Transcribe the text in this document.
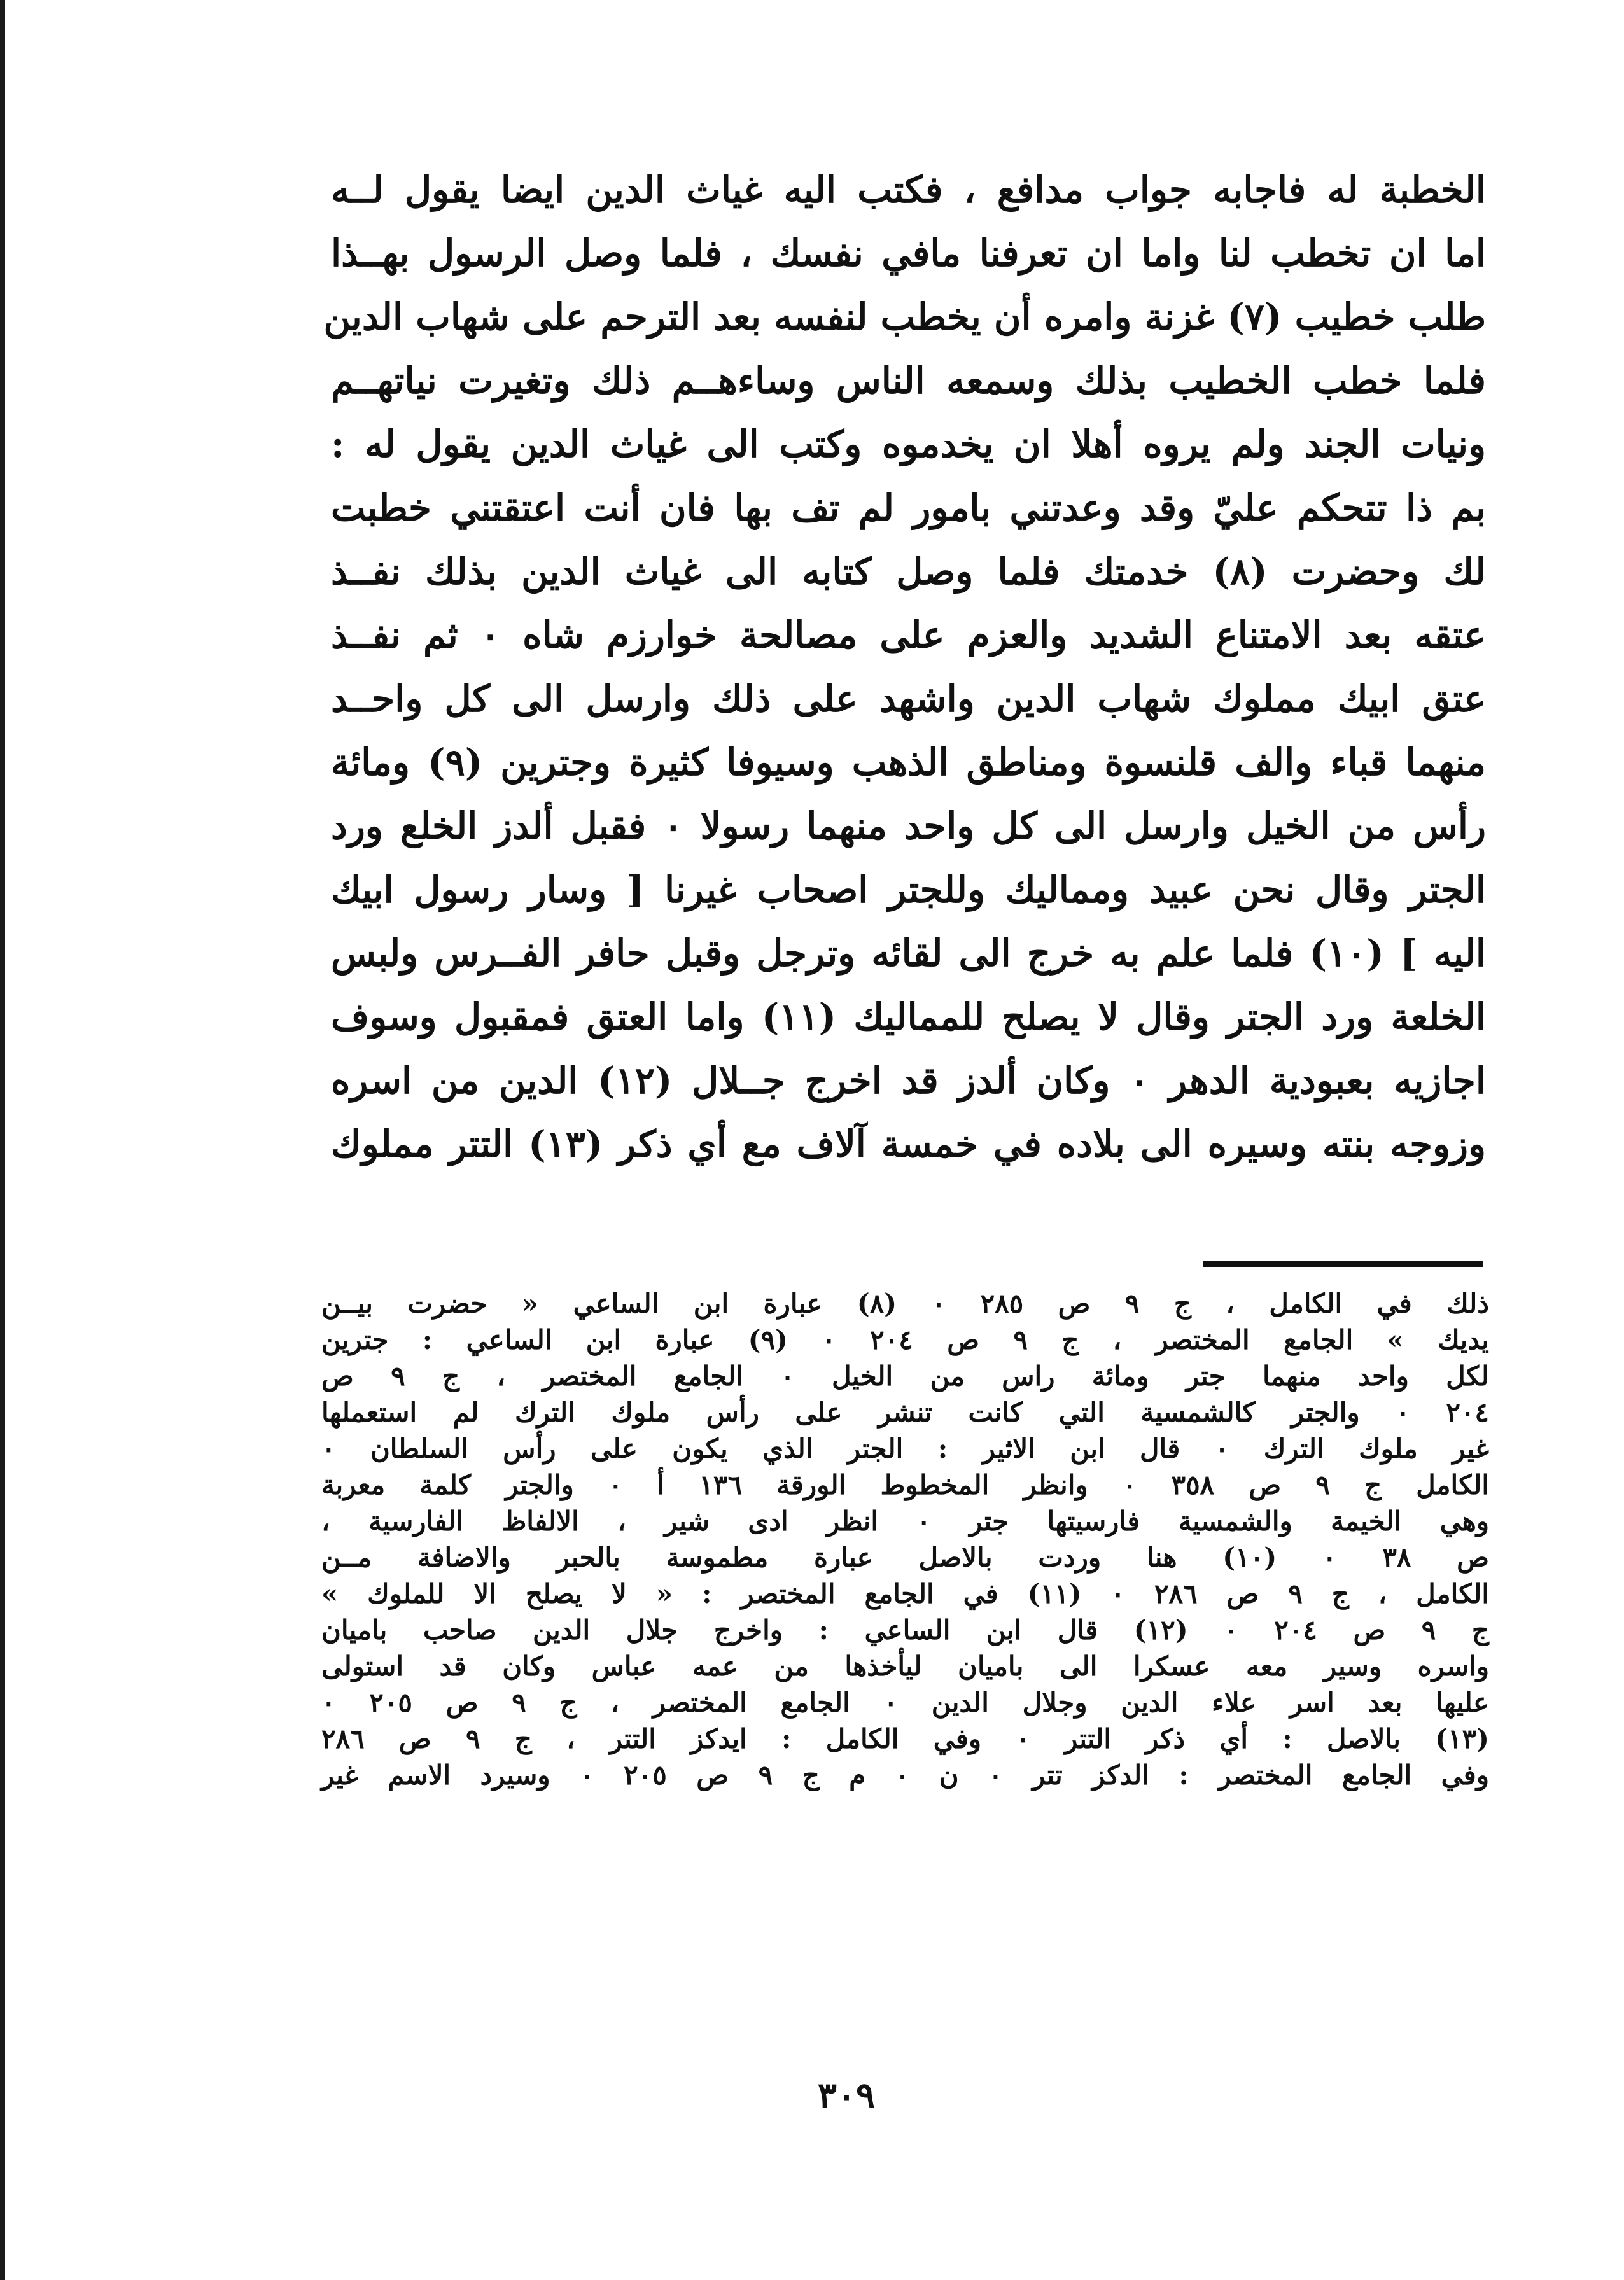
الخطبة له فاجابه جواب مدافع ، فكتب اليه غياث الدين ايضا يقول لــه
اما ان تخطب لنا واما ان تعرفنا مافي نفسك ، فلما وصل الرسول بهــذا
طلب خطيب (٧) غزنة وامره أن يخطب لنفسه بعد الترحم على شهاب الدين
فلما خطب الخطيب بذلك وسمعه الناس وساءهــم ذلك وتغيرت نياتهــم
ونيات الجند ولم يروه أهلا ان يخدموه وكتب الى غياث الدين يقول له :
بم ذا تتحكم عليّ وقد وعدتني بامور لم تف بها فان أنت اعتقتني خطبت
لك وحضرت (٨) خدمتك فلما وصل كتابه الى غياث الدين بذلك نفــذ
عتقه بعد الامتناع الشديد والعزم على مصالحة خوارزم شاه ٠ ثم نفــذ
عتق ابيك مملوك شهاب الدين واشهد على ذلك وارسل الى كل واحــد
منهما قباء والف قلنسوة ومناطق الذهب وسيوفا كثيرة وجترين (٩) ومائة
رأس من الخيل وارسل الى كل واحد منهما رسولا ٠ فقبل ألدز الخلع ورد
الجتر وقال نحن عبيد ومماليك وللجتر اصحاب غيرنا [ وسار رسول ابيك
اليه ] (١٠) فلما علم به خرج الى لقائه وترجل وقبل حافر الفــرس ولبس
الخلعة ورد الجتر وقال لا يصلح للمماليك (١١) واما العتق فمقبول وسوف
اجازيه بعبودية الدهر ٠ وكان ألدز قد اخرج جــلال (١٢) الدين من اسره
وزوجه بنته وسيره الى بلاده في خمسة آلاف مع أي ذكر (١٣) التتر مملوك
ذلك في الكامل ، ج ٩ ص ٢٨٥ ٠ (٨) عبارة ابن الساعي « حضرت بيــن
يديك » الجامع المختصر ، ج ٩ ص ٢٠٤ ٠ (٩) عبارة ابن الساعي : جترين
لكل واحد منهما جتر ومائة راس من الخيل ٠ الجامع المختصر ، ج ٩ ص
٢٠٤ ٠ والجتر كالشمسية التي كانت تنشر على رأس ملوك الترك لم استعملها
غير ملوك الترك ٠ قال ابن الاثير : الجتر الذي يكون على رأس السلطان ٠
الكامل ج ٩ ص ٣٥٨ ٠ وانظر المخطوط الورقة ١٣٦ أ ٠ والجتر كلمة معربة
وهي الخيمة والشمسية فارسيتها جتر ٠ انظر ادى شير ، الالفاظ الفارسية ،
ص ٣٨ ٠ (١٠) هنا وردت بالاصل عبارة مطموسة بالحبر والاضافة مــن
الكامل ، ج ٩ ص ٢٨٦ ٠ (١١) في الجامع المختصر : « لا يصلح الا للملوك »
ج ٩ ص ٢٠٤ ٠ (١٢) قال ابن الساعي : واخرج جلال الدين صاحب باميان
واسره وسير معه عسكرا الى باميان ليأخذها من عمه عباس وكان قد استولى
عليها بعد اسر علاء الدين وجلال الدين ٠ الجامع المختصر ، ج ٩ ص ٢٠٥ ٠
(١٣) بالاصل : أي ذكر التتر ٠ وفي الكامل : ايدكز التتر ، ج ٩ ص ٢٨٦
وفي الجامع المختصر : الدكز تتر ٠ ن ٠ م ج ٩ ص ٢٠٥ ٠ وسيرد الاسم غير
٣٠٩
